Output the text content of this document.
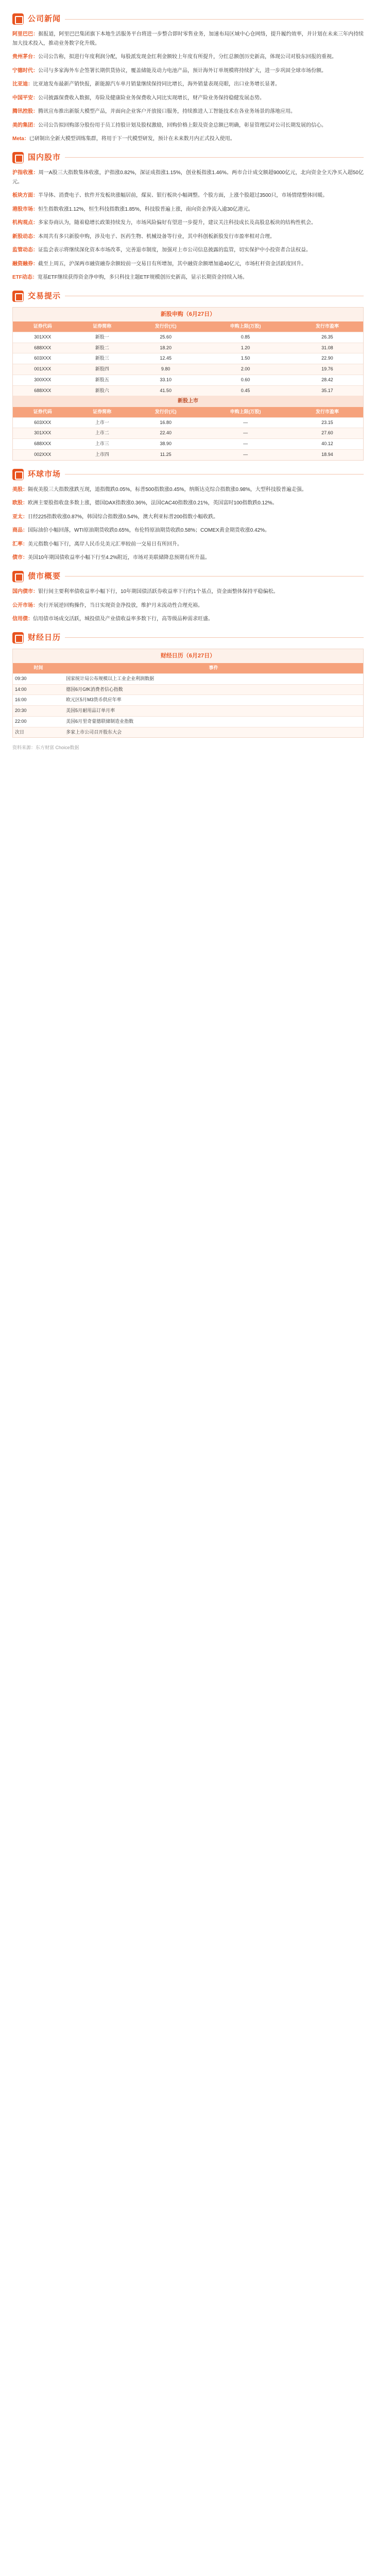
公司新闻
阿里巴巴：据报道，阿里巴巴集团旗下本地生活服务平台将进一步整合即时零售业务，加速布局区域中心仓网络，提升履约效率，并计划在未来三年内持续加大技术投入，推动业务数字化升级。
贵州茅台：公司公告称，拟进行年度利润分配，每股派发现金红利金额较上年度有所提升，分红总额创历史新高，体现公司对股东回报的重视。
宁德时代：公司与多家海外车企签署长期供货协议，覆盖储能及动力电池产品，预计海外订单规模将持续扩大，进一步巩固全球市场份额。
比亚迪：比亚迪发布最新产销快报，新能源汽车单月销量继续保持同比增长，海外销量表现亮眼，出口业务增长显著。
中国平安：公司披露保费收入数据，寿险及健康险业务保费收入同比实现增长，财产险业务保持稳健发展态势。
腾讯控股：腾讯宣布推出新版大模型产品，并面向企业客户开放接口服务，持续推进人工智能技术在各业务场景的落地应用。
美的集团：公司公告拟回购部分股份用于员工持股计划及股权激励，回购价格上限及资金总额已明确，彰显管理层对公司长期发展的信心。
Meta：已研制出全新大模型训练集群，将用于下一代模型研发，预计在未来数月内正式投入使用。
国内股市
沪指收涨：周一A股三大指数集体收涨，沪指涨0.82%，深证成指涨1.15%，创业板指涨1.46%。两市合计成交额超9000亿元，北向资金全天净买入超50亿元。
板块方面：半导体、消费电子、软件开发板块涨幅居前，煤炭、银行板块小幅调整。个股方面，上涨个股超过3500只，市场情绪整体回暖。
港股市场：恒生指数收涨1.12%，恒生科技指数涨1.85%，科技股普遍上涨，南向资金净流入逾30亿港元。
机构观点：多家券商认为，随着稳增长政策持续发力，市场风险偏好有望进一步提升，建议关注科技成长及高股息板块的结构性机会。
新股动态：本周共有多只新股申购，涉及电子、医药生物、机械设备等行业，其中科创板新股发行市盈率相对合理。
监管动态：证监会表示将继续深化资本市场改革，完善退市制度，加强对上市公司信息披露的监管，切实保护中小投资者合法权益。
融资融券：截至上周五，沪深两市融资融券余额较前一交易日有所增加，其中融资余额增加逾40亿元，市场杠杆资金活跃度回升。
ETF动态：宽基ETF继续获得资金净申购，多只科技主题ETF规模创历史新高，显示长期资金持续入场。
交易提示
新股申购（6月27日）
证券代码	证券简称	发行价(元)	申购上限(万股)	发行市盈率
301XXX	新股一	25.60	0.85	26.35
688XXX	新股二	18.20	1.20	31.08
603XXX	新股三	12.45	1.50	22.90
001XXX	新股四	9.80	2.00	19.76
300XXX	新股五	33.10	0.60	28.42
688XXX	新股六	41.50	0.45	35.17
新股上市
证券代码	证券简称	发行价(元)	申购上限(万股)	发行市盈率
603XXX	上市一	16.80	—	23.15
301XXX	上市二	22.40	—	27.60
688XXX	上市三	38.90	—	40.12
002XXX	上市四	11.25	—	18.94
环球市场
美股：隔夜美股三大指数涨跌互现，道指微跌0.05%，标普500指数涨0.45%，纳斯达克综合指数涨0.98%，大型科技股普遍走强。
欧股：欧洲主要股指收盘多数上涨，德国DAX指数涨0.36%，法国CAC40指数涨0.21%，英国富时100指数跌0.12%。
亚太：日经225指数收涨0.87%，韩国综合指数涨0.54%，澳大利亚标普200指数小幅收跌。
商品：国际油价小幅回落，WTI原油期货收跌0.65%，布伦特原油期货收跌0.58%；COMEX黄金期货收涨0.42%。
汇率：美元指数小幅下行，离岸人民币兑美元汇率较前一交易日有所回升。
债市：美国10年期国债收益率小幅下行至4.2%附近，市场对美联储降息预期有所升温。
债市概要
国内债市：银行间主要利率债收益率小幅下行，10年期国债活跃券收益率下行约1个基点，资金面整体保持平稳偏松。
公开市场：央行开展逆回购操作，当日实现资金净投放，维护月末流动性合理充裕。
信用债：信用债市场成交活跃，城投债及产业债收益率多数下行，高等级品种需求旺盛。
财经日历
财经日历（6月27日）
时间	事件
09:30	国家统计局公布规模以上工业企业利润数据
14:00	德国6月GfK消费者信心指数
16:00	欧元区5月M3货币供应年率
20:30	美国5月耐用品订单月率
22:00	美国6月里奇蒙德联储制造业指数
次日	多家上市公司召开股东大会
资料来源：东方财富 Choice数据
